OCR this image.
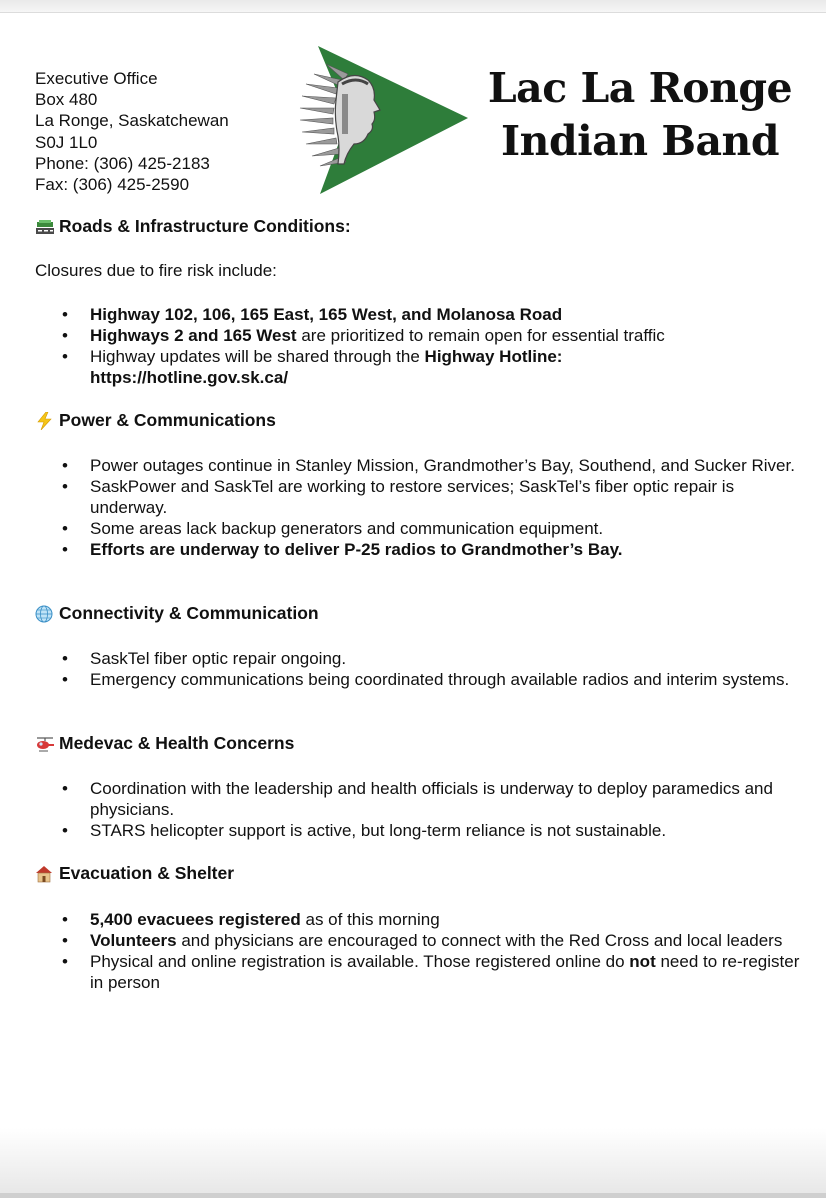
Executive Office
Box 480
La Ronge, Saskatchewan
S0J 1L0
Phone: (306) 425-2183
Fax: (306) 425-2590
Lac La Ronge
Indian Band
Roads & Infrastructure Conditions:
Closures due to fire risk include:
• Highway 102, 106, 165 East, 165 West, and Molanosa Road
• Highways 2 and 165 West are prioritized to remain open for essential traffic
• Highway updates will be shared through the Highway Hotline:
https://hotline.gov.sk.ca/
Power & Communications
• Power outages continue in Stanley Mission, Grandmother’s Bay, Southend, and Sucker River.
• SaskPower and SaskTel are working to restore services; SaskTel’s fiber optic repair is underway.
• Some areas lack backup generators and communication equipment.
• Efforts are underway to deliver P-25 radios to Grandmother’s Bay.
Connectivity & Communication
• SaskTel fiber optic repair ongoing.
• Emergency communications being coordinated through available radios and interim systems.
Medevac & Health Concerns
• Coordination with the leadership and health officials is underway to deploy paramedics and physicians.
• STARS helicopter support is active, but long-term reliance is not sustainable.
Evacuation & Shelter
• 5,400 evacuees registered as of this morning
• Volunteers and physicians are encouraged to connect with the Red Cross and local leaders
• Physical and online registration is available. Those registered online do not need to re-register in person
